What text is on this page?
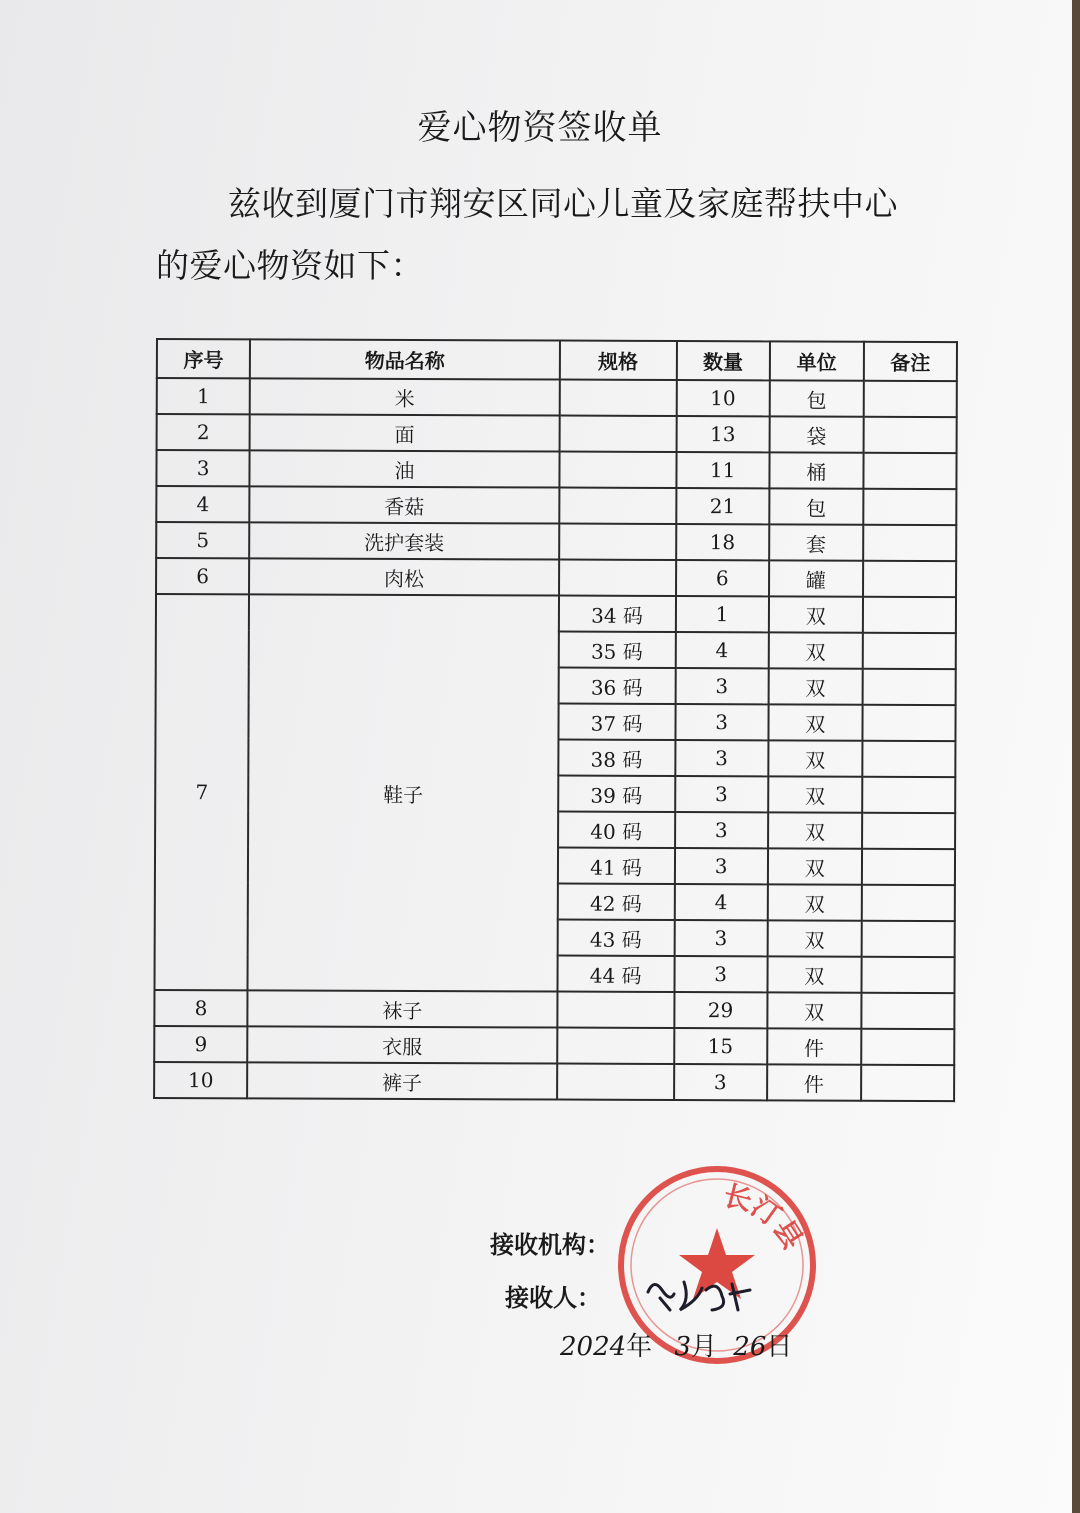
爱心物资签收单
兹收到厦门市翔安区同心儿童及家庭帮扶中心
的爱心物资如下：
序号	物品名称	规格	数量	单位	备注
1	米		10	包	
2	面		13	袋	
3	油		11	桶	
4	香菇		21	包	
5	洗护套装		18	套	
6	肉松		6	罐	
7	鞋子	34 码	1	双	
		35 码	4	双	
		36 码	3	双	
		37 码	3	双	
		38 码	3	双	
		39 码	3	双	
		40 码	3	双	
		41 码	3	双	
		42 码	4	双	
		43 码	3	双	
		44 码	3	双	
8	袜子		29	双	
9	衣服		15	件	
10	裤子		3	件	
接收机构：
接收人：
长汀县
2024年 3月 26日
